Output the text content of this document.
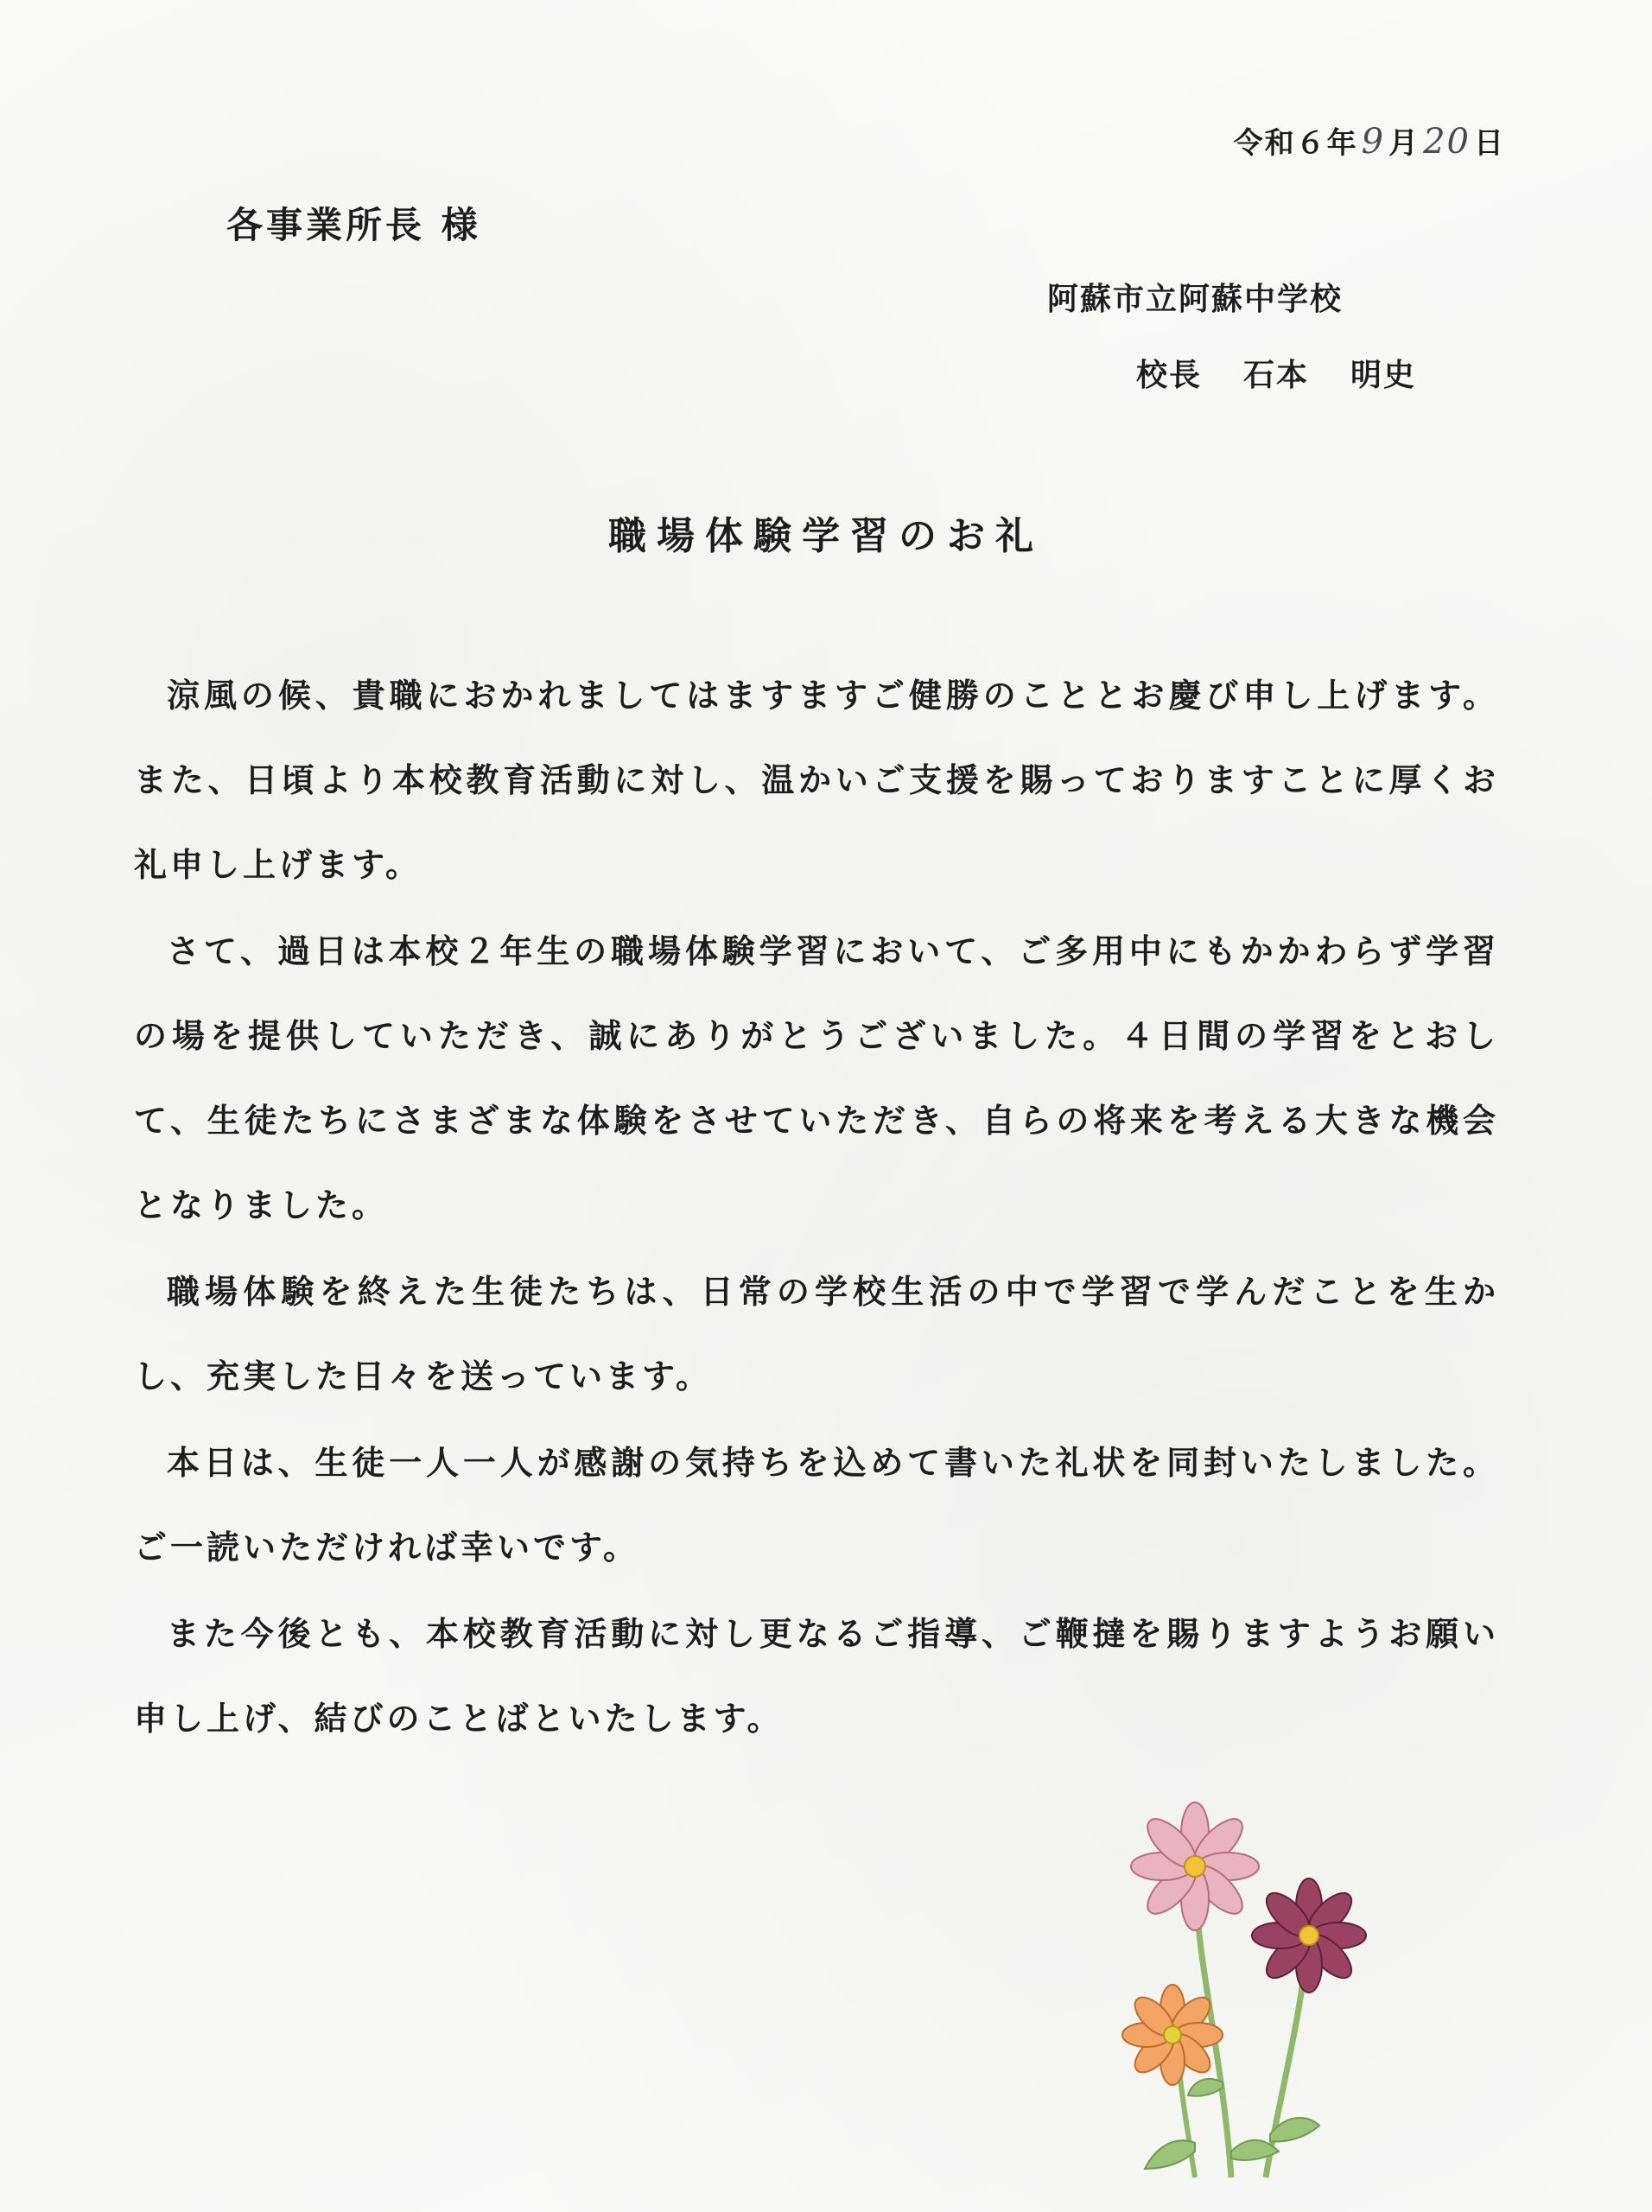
令和６年 9 月 20 日
各事業所長 様
阿蘇市立阿蘇中学校
校長 石本 明史
職場体験学習のお礼

涼風の候、貴職におかれましてはますますご健勝のこととお慶び申し上げます。また、日頃より本校教育活動に対し、温かいご支援を賜っておりますことに厚くお礼申し上げます。

さて、過日は本校２年生の職場体験学習において、ご多用中にもかかわらず学習の場を提供していただき、誠にありがとうございました。４日間の学習をとおして、生徒たちにさまざまな体験をさせていただき、自らの将来を考える大きな機会となりました。

職場体験を終えた生徒たちは、日常の学校生活の中で学習で学んだことを生かし、充実した日々を送っています。

本日は、生徒一人一人が感謝の気持ちを込めて書いた礼状を同封いたしました。ご一読いただければ幸いです。

また今後とも、本校教育活動に対し更なるご指導、ご鞭撻を賜りますようお願い申し上げ、結びのことばといたします。
